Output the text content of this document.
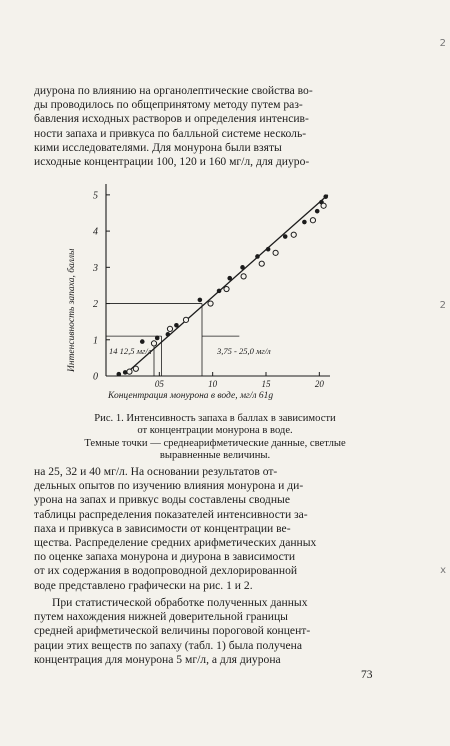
2
2
x
диурона по влиянию на органолептические свойства во-
ды проводилось по общепринятому методу путем раз-
бавления исходных растворов и определения интенсив-
ности запаха и привкуса по балльной системе несколь-
кими исследователями. Для монурона были взяты
исходные концентрации 100, 120 и 160 мг/л, для диуро-
0
1
2
3
4
5
05	10	15	20
Интенсивность запаха, баллы
Концентрация монурона в воде, мг/л 61g
14 12,5 мг/л	3,75 - 25,0 мг/л
Рис. 1. Интенсивность запаха в баллах в зависимости
от концентрации монурона в воде.
Темные точки — среднеарифметические данные, светлые
выравненные величины.
на 25, 32 и 40 мг/л. На основании результатов от-
дельных опытов по изучению влияния монурона и ди-
урона на запах и привкус воды составлены сводные
таблицы распределения показателей интенсивности за-
паха и привкуса в зависимости от концентрации ве-
щества. Распределение средних арифметических данных
по оценке запаха монурона и диурона в зависимости
от их содержания в водопроводной дехлорированной
воде представлено графически на рис. 1 и 2.
При статистической обработке полученных данных
путем нахождения нижней доверительной границы
средней арифметической величины пороговой концент-
рации этих веществ по запаху (табл. 1) была получена
концентрация для монурона 5 мг/л, а для диурона
73
